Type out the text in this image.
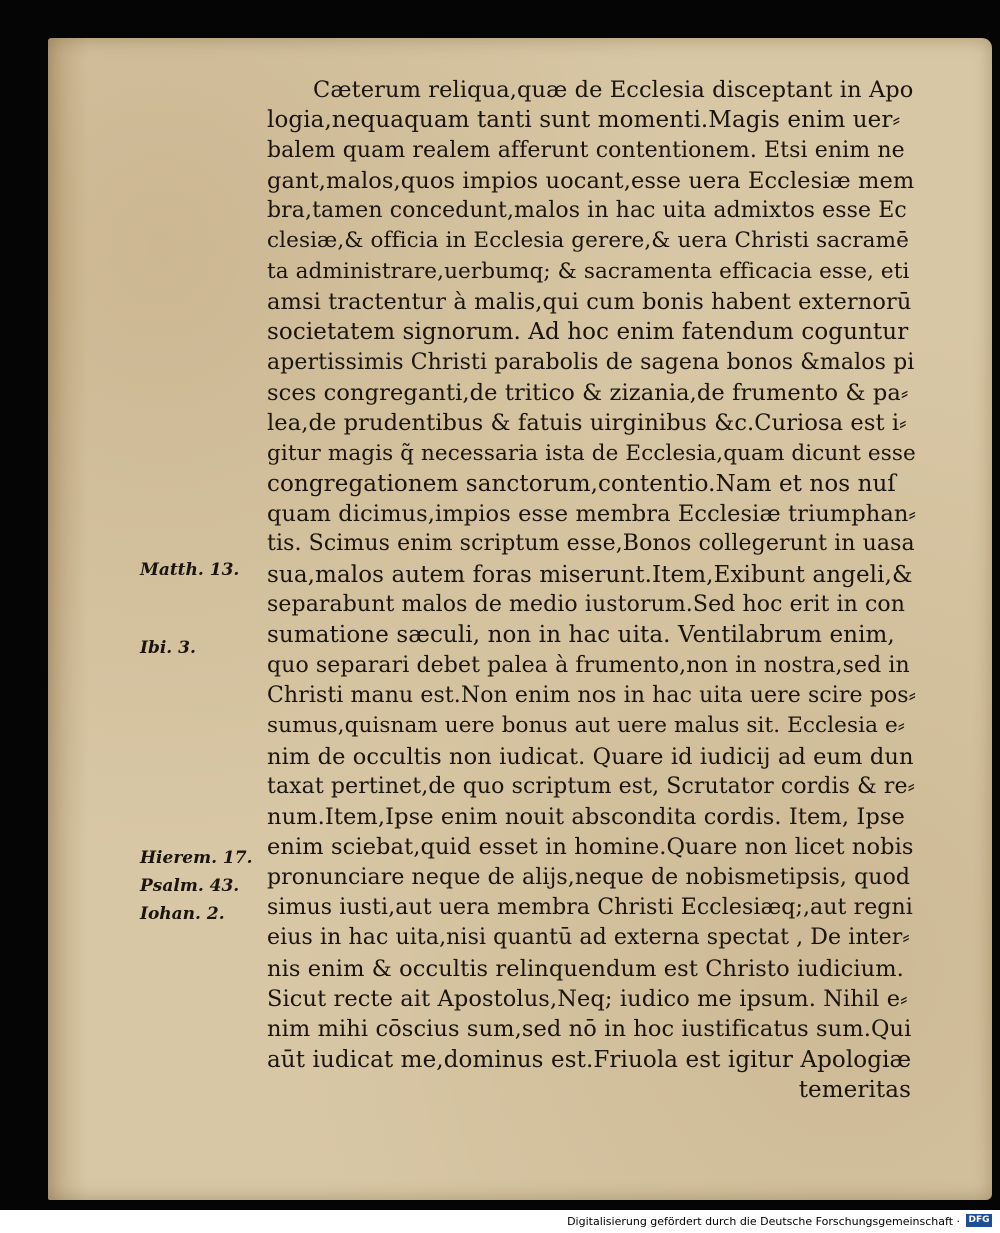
Cæterum reliqua,quæ de Ecclesia disceptant in Apo
logia,nequaquam tanti sunt momenti.Magis enim uer⸗
balem quam realem afferunt contentionem. Etsi enim ne
gant,malos,quos impios uocant,esse uera Ecclesiæ mem
bra,tamen concedunt,malos in hac uita admixtos esse Ec
clesiæ,& officia in Ecclesia gerere,& uera Christi sacramē
ta administrare,uerbumq; & sacramenta efficacia esse, eti
amsi tractentur à malis,qui cum bonis habent externorū
societatem signorum. Ad hoc enim fatendum coguntur
apertissimis Christi parabolis de sagena bonos &malos pi
sces congreganti,de tritico & zizania,de frumento & pa⸗
lea,de prudentibus & fatuis uirginibus &c.Curiosa est i⸗
gitur magis q̃ necessaria ista de Ecclesia,quam dicunt esse
congregationem sanctorum,contentio.Nam et nos nuſ
quam dicimus,impios esse membra Ecclesiæ triumphan⸗
tis. Scimus enim scriptum esse,Bonos collegerunt in uasa
sua,malos autem foras miserunt.Item,Exibunt angeli,&
separabunt malos de medio iustorum.Sed hoc erit in con
sumatione sæculi, non in hac uita. Ventilabrum enim,
quo separari debet palea à frumento,non in nostra,sed in
Christi manu est.Non enim nos in hac uita uere scire pos⸗
sumus,quisnam uere bonus aut uere malus sit. Ecclesia e⸗
nim de occultis non iudicat. Quare id iudicij ad eum dun
taxat pertinet,de quo scriptum est, Scrutator cordis & re⸗
num.Item,Ipse enim nouit abscondita cordis. Item, Ipse
enim sciebat,quid esset in homine.Quare non licet nobis
pronunciare neque de alijs,neque de nobismetipsis, quod
simus iusti,aut uera membra Christi Ecclesiæq;,aut regni
eius in hac uita,nisi quantū ad externa spectat , De inter⸗
nis enim & occultis relinquendum est Christo iudicium.
Sicut recte ait Apostolus,Neq; iudico me ipsum. Nihil e⸗
nim mihi cōscius sum,sed nō in hoc iustificatus sum.Qui
aūt iudicat me,dominus est.Friuola est igitur Apologiæ
temeritas
Matth. 13.
Ibi. 3.
Hierem. 17.
Psalm. 43.
Iohan. 2.
Digitalisierung gefördert durch die Deutsche Forschungsgemeinschaft · DFG
